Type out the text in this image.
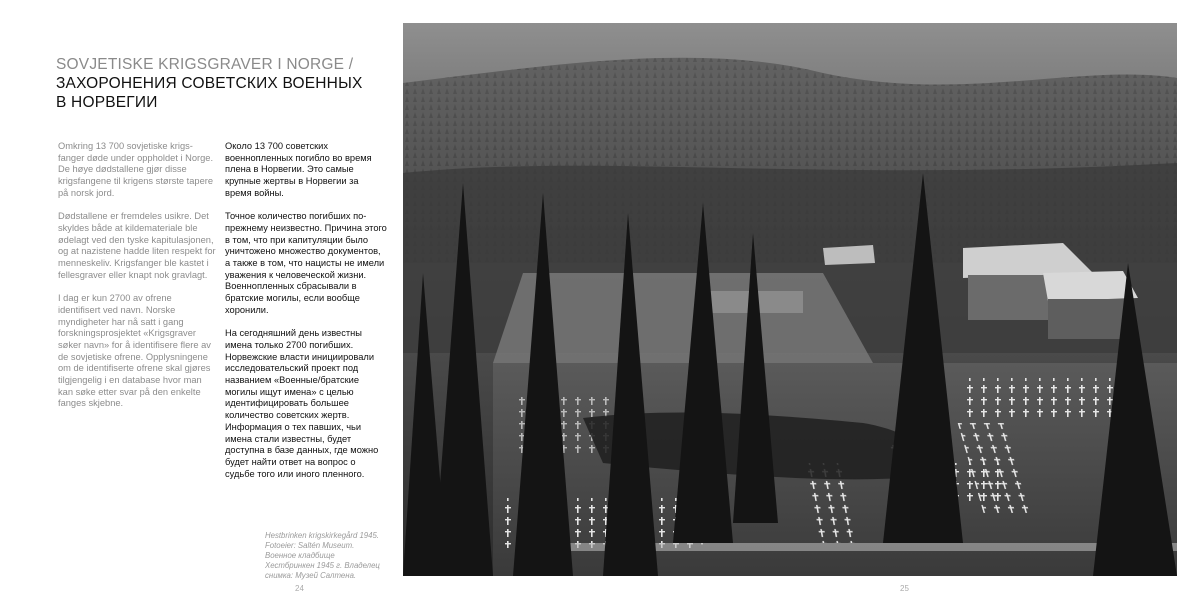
SOVJETISKE KRIGSGRAVER I NORGE /
ЗАХОРОНЕНИЯ СОВЕТСКИХ ВОЕННЫХ
В НОРВЕГИИ

Omkring 13 700 sovjetiske krigsfanger døde under oppholdet i Norge. De høye dødstallene gjør disse krigsfangene til krigens største tapere på norsk jord.

Dødstallene er fremdeles usikre. Det skyldes både at kildemateriale ble ødelagt ved den tyske kapitulasjonen, og at nazistene hadde liten respekt for menneskeliv. Krigsfanger ble kastet i fellesgraver eller knapt nok gravlagt.

I dag er kun 2700 av ofrene identifisert ved navn. Norske myndigheter har nå satt i gang forskningsprosjektet «Krigsgraver søker navn» for å identifisere flere av de sovjetiske ofrene. Opplysningene om de identifiserte ofrene skal gjøres tilgjengelig i en database hvor man kan søke etter svar på den enkelte fanges skjebne.

Около 13 700 советских военнопленных погибло во время плена в Норвегии. Это самые крупные жертвы в Норвегии за время войны.

Точное количество погибших по-прежнему неизвестно. Причина этого в том, что при капитуляции было уничтожено множество документов, а также в том, что нацисты не имели уважения к человеческой жизни. Военнопленных сбрасывали в братские могилы, если вообще хоронили.

На сегодняшний день известны имена только 2700 погибших. Норвежские власти инициировали исследовательский проект под названием «Военные/братские могилы ищут имена» с целью идентифицировать большее количество советских жертв. Информация о тех павших, чьи имена стали известны, будет доступна в базе данных, где можно будет найти ответ на вопрос о судьбе того или иного пленного.

Hestbrinken krigskirkegård 1945. Fotoeier: Saltén Museum. Военное кладбище Хестбринкен 1945 г. Владелец снимка: Музей Салтена.
24	25
